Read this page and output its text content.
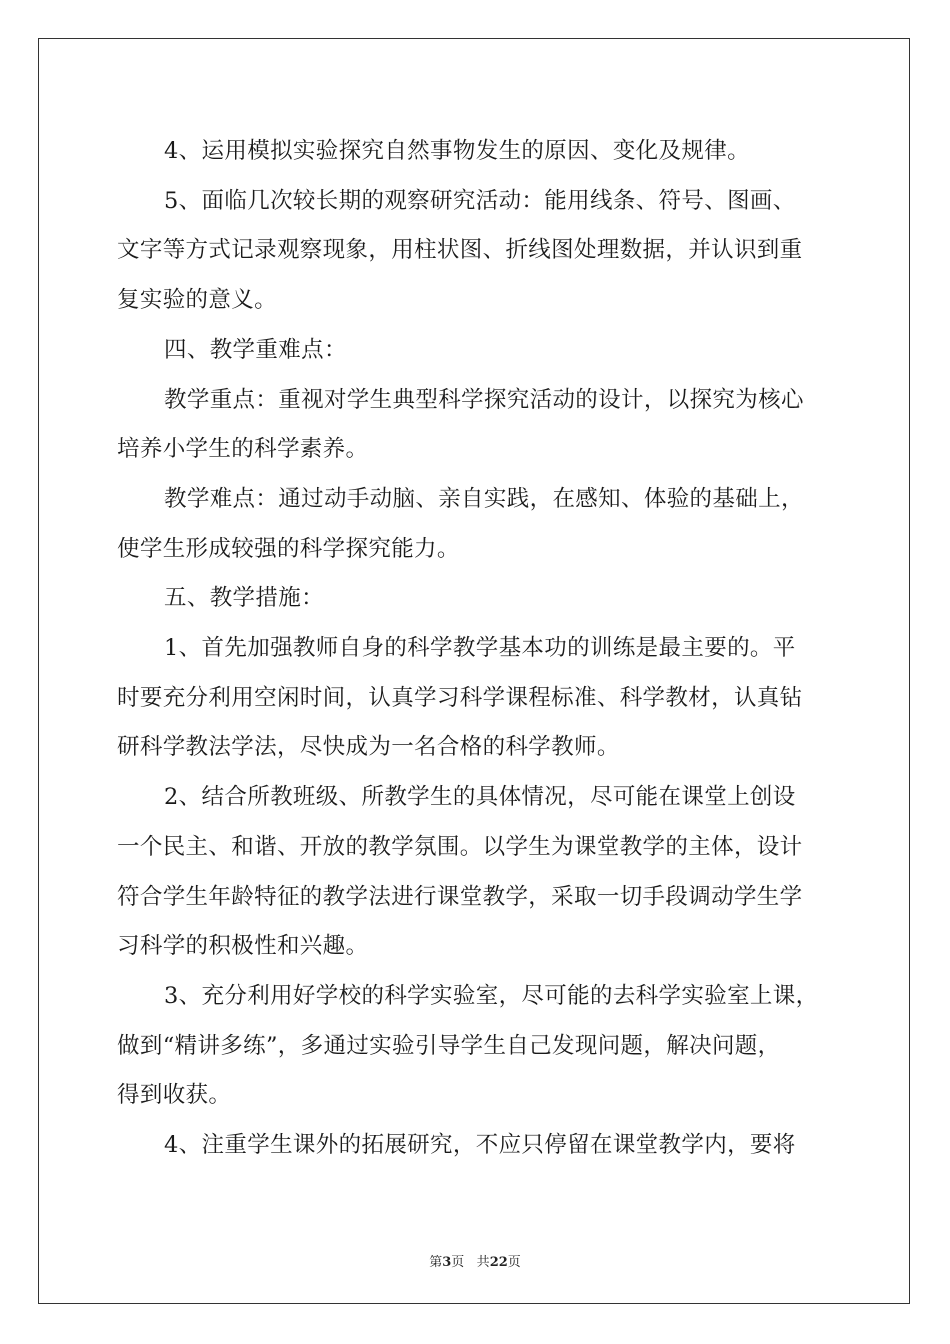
4、运用模拟实验探究自然事物发生的原因、变化及规律。
5、面临几次较长期的观察研究活动：能用线条、符号、图画、
文字等方式记录观察现象，用柱状图、折线图处理数据，并认识到重
复实验的意义。
四、教学重难点：
教学重点：重视对学生典型科学探究活动的设计，以探究为核心
培养小学生的科学素养。
教学难点：通过动手动脑、亲自实践，在感知、体验的基础上，
使学生形成较强的科学探究能力。
五、教学措施：
1、首先加强教师自身的科学教学基本功的训练是最主要的。平
时要充分利用空闲时间，认真学习科学课程标准、科学教材，认真钻
研科学教法学法，尽快成为一名合格的科学教师。
2、结合所教班级、所教学生的具体情况，尽可能在课堂上创设
一个民主、和谐、开放的教学氛围。以学生为课堂教学的主体，设计
符合学生年龄特征的教学法进行课堂教学，采取一切手段调动学生学
习科学的积极性和兴趣。
3、充分利用好学校的科学实验室，尽可能的去科学实验室上课，
做到“精讲多练”，多通过实验引导学生自己发现问题，解决问题，
得到收获。
4、注重学生课外的拓展研究，不应只停留在课堂教学内，要将
第3页 共22页
